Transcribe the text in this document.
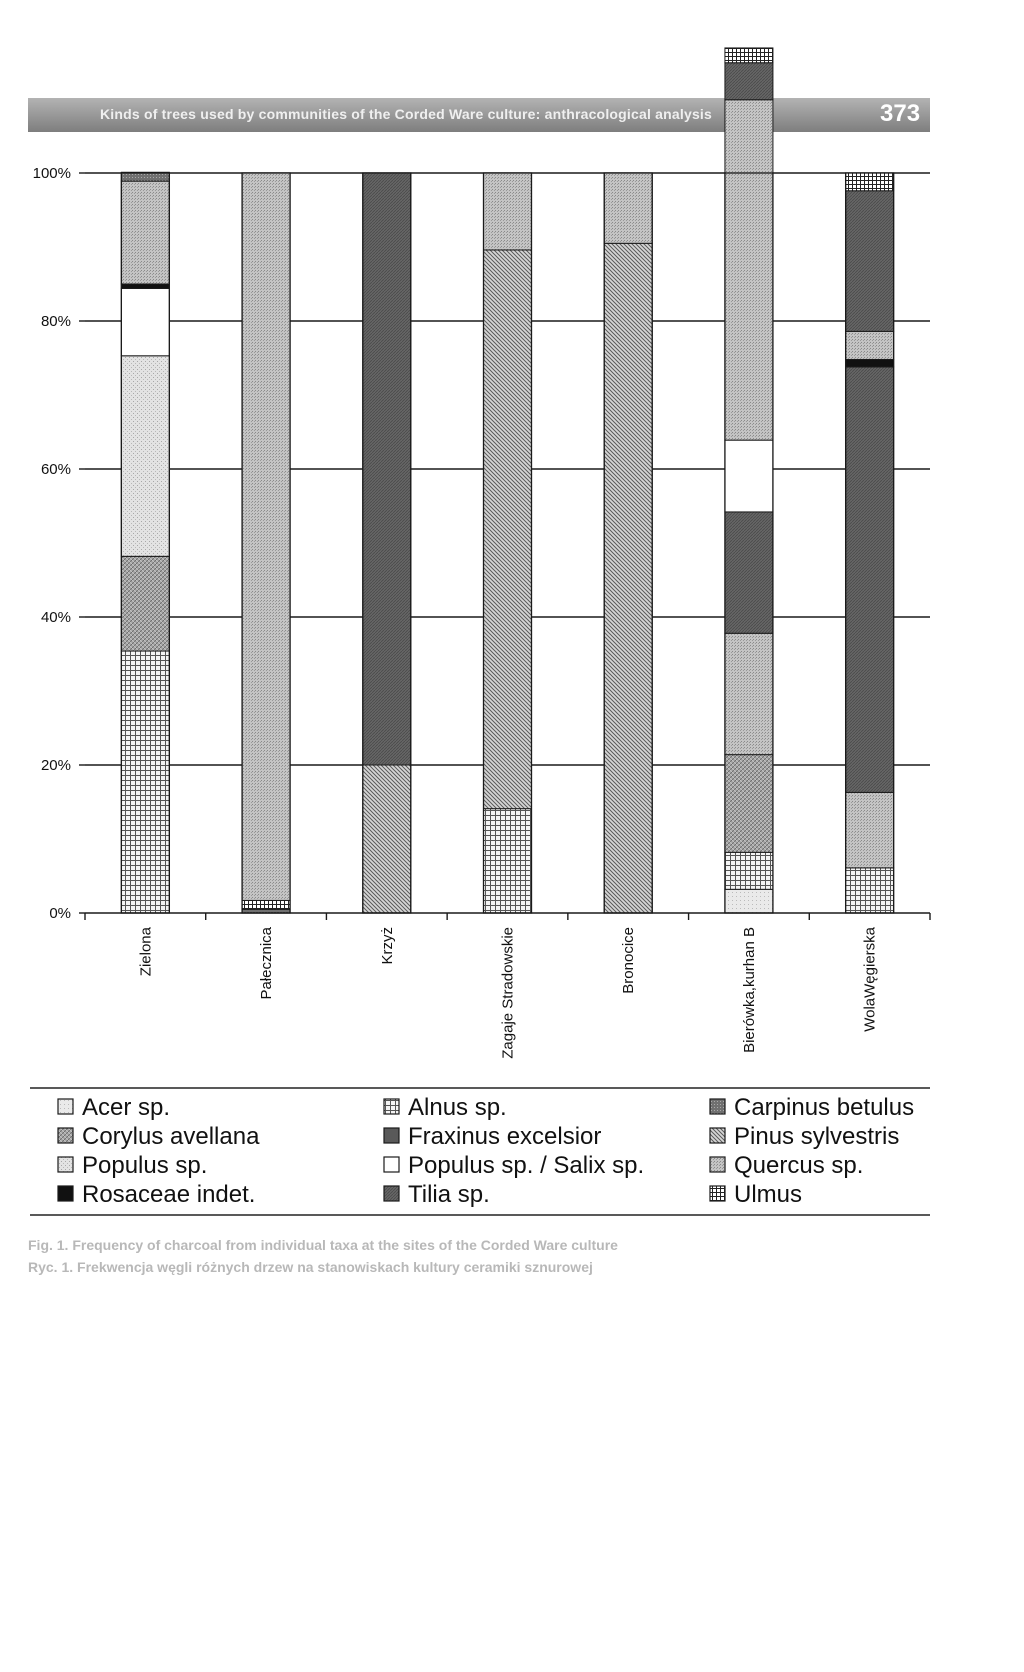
Kinds of trees used by communities of the Corded Ware culture: anthracological analysis	373
0%
20%
40%
60%
80%
100%
Zielona	Pałecznica	Krzyż	Zagaje Stradowskie	Bronocice	Bierówka,kurhan B	WolaWęgierska
Acer sp.	Alnus sp.	Carpinus betulus
Corylus avellana	Fraxinus excelsior	Pinus sylvestris
Populus sp.	Populus sp. / Salix sp.	Quercus sp.
Rosaceae indet.	Tilia sp.	Ulmus
Fig. 1. Frequency of charcoal from individual taxa at the sites of the Corded Ware culture
Ryc. 1. Frekwencja węgli różnych drzew na stanowiskach kultury ceramiki sznurowej
